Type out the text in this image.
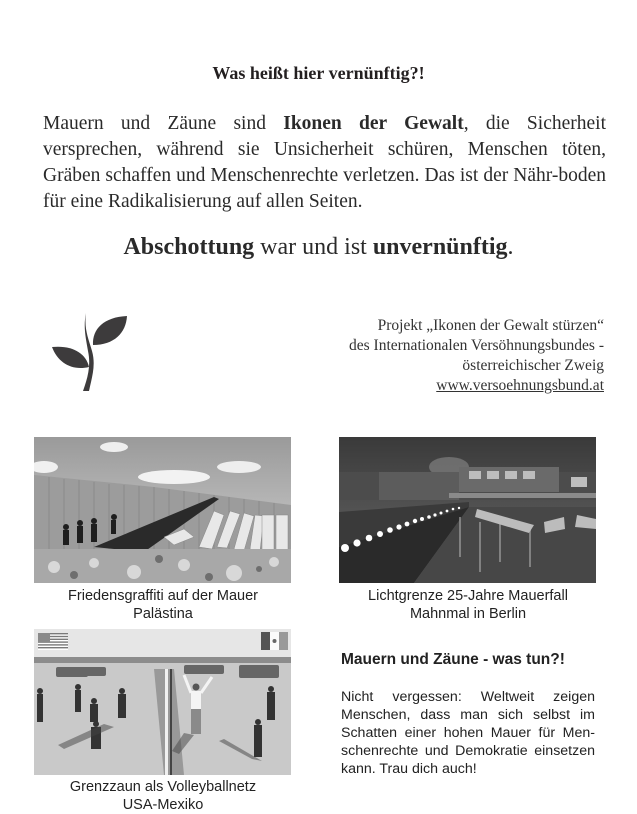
Was heißt hier vernünftig?!
Mauern und Zäune sind Ikonen der Gewalt, die Sicherheit versprechen, während sie Unsicherheit schüren, Menschen töten, Gräben schaffen und Menschenrechte verletzen. Das ist der Nähr-boden für eine Radikalisierung auf allen Seiten.
Abschottung war und ist unvernünftig.
Projekt „Ikonen der Gewalt stürzen“
des Internationalen Versöhnungsbundes -
österreichischer Zweig
www.versoehnungsbund.at
Friedensgraffiti auf der Mauer
Palästina
Lichtgrenze 25-Jahre Mauerfall
Mahnmal in Berlin
Grenzzaun als Volleyballnetz
USA-Mexiko
Mauern und Zäune - was tun?!
Nicht vergessen: Weltweit zeigen Menschen, dass man sich selbst im Schatten einer hohen Mauer für Men-schenrechte und Demokratie einsetzen kann. Trau dich auch!
